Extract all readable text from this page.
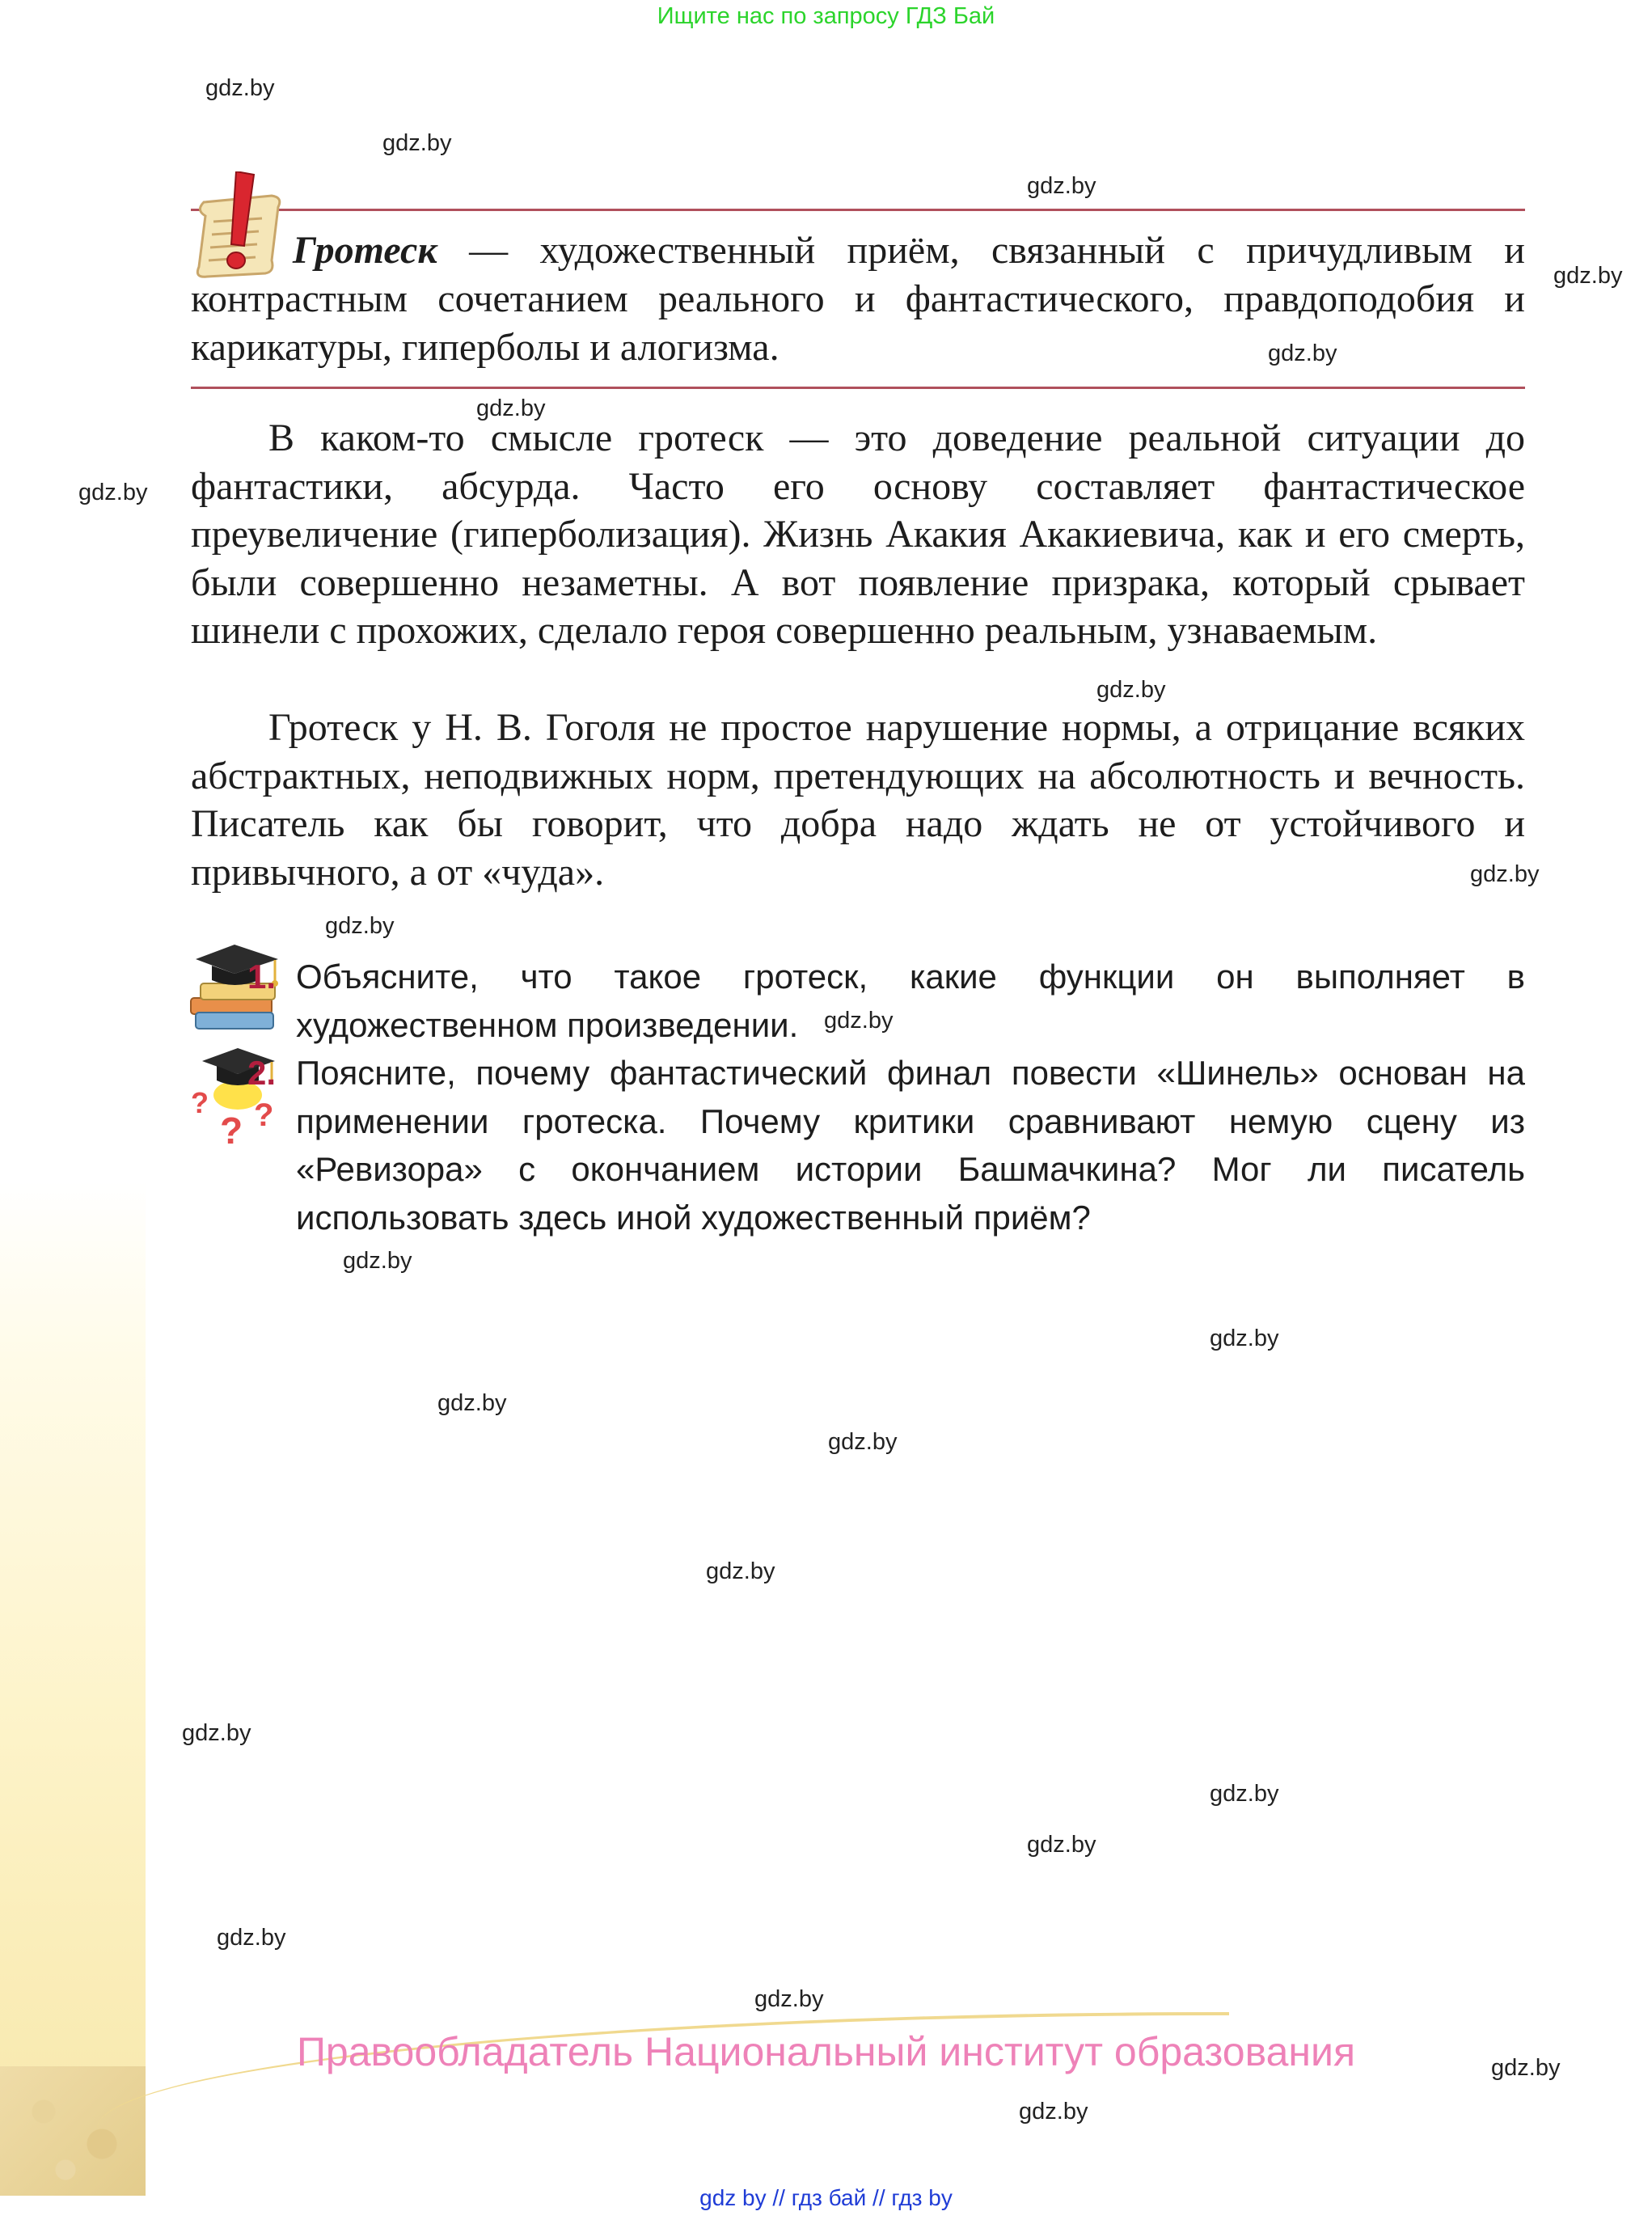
Ищите нас по запросу ГДЗ Бай
Гротеск — художественный приём, связанный с причудливым и контрастным сочетанием реального и фантастического, правдоподобия и карикатуры, гиперболы и алогизма.
В каком-то смысле гротеск — это доведение реальной ситуации до фантастики, абсурда. Часто его основу составляет фантастическое преувеличение (гиперболизация). Жизнь Акакия Акакиевича, как и его смерть, были совершенно незаметны. А вот появление призрака, который срывает шинели с прохожих, сделало героя совершенно реальным, узнаваемым.
Гротеск у Н. В. Гоголя не простое нарушение нормы, а отрицание всяких абстрактных, неподвижных норм, претендующих на абсолютность и вечность. Писатель как бы говорит, что добра надо ждать не от устойчивого и привычного, а от «чуда».
?
? ?
1. Объясните, что такое гротеск, какие функции он выполняет в художественном произведении.
2. Поясните, почему фантастический финал повести «Шинель» основан на применении гротеска. Почему критики сравнивают немую сцену из «Ревизора» с окончанием истории Башмачкина? Мог ли писатель использовать здесь иной художественный приём?
gdz.by
gdz.by
gdz.by
gdz.by
gdz.by
gdz.by
gdz.by
gdz.by
gdz.by
gdz.by
gdz.by
gdz.by
gdz.by
gdz.by
gdz.by
gdz.by
gdz.by
gdz.by
gdz.by
gdz.by
gdz.by
gdz.by
gdz.by
Правообладатель Национальный институт образования
gdz by // гдз бай // гдз by
